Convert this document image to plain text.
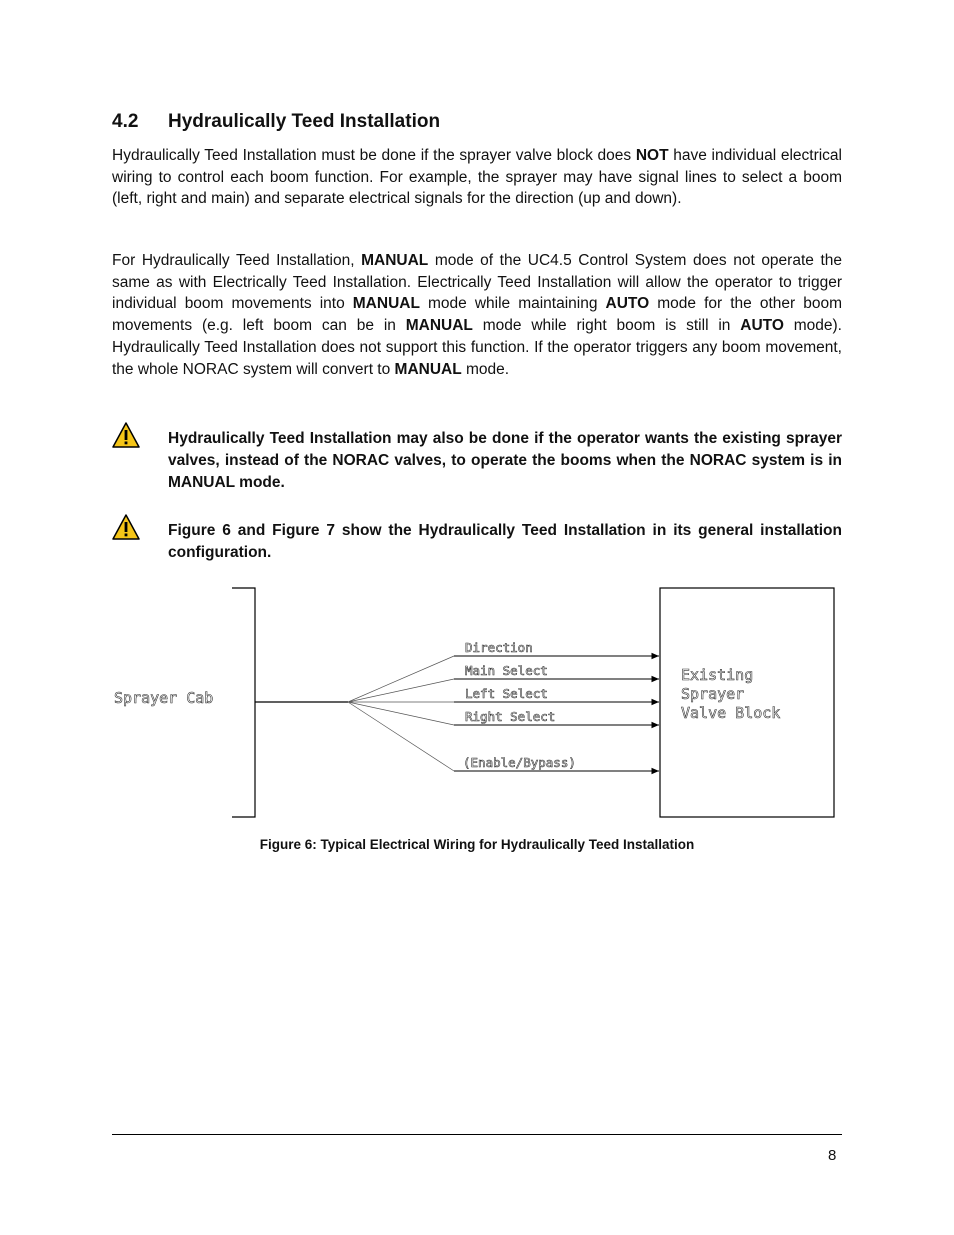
4.2 Hydraulically Teed Installation

Hydraulically Teed Installation must be done if the sprayer valve block does NOT have individual electrical wiring to control each boom function. For example, the sprayer may have signal lines to select a boom (left, right and main) and separate electrical signals for the direction (up and down).

For Hydraulically Teed Installation, MANUAL mode of the UC4.5 Control System does not operate the same as with Electrically Teed Installation. Electrically Teed Installation will allow the operator to trigger individual boom movements into MANUAL mode while maintaining AUTO mode for the other boom movements (e.g. left boom can be in MANUAL mode while right boom is still in AUTO mode). Hydraulically Teed Installation does not support this function. If the operator triggers any boom movement, the whole NORAC system will convert to MANUAL mode.

Hydraulically Teed Installation may also be done if the operator wants the existing sprayer valves, instead of the NORAC valves, to operate the booms when the NORAC system is in MANUAL mode.

Figure 6 and Figure 7 show the Hydraulically Teed Installation in its general installation configuration.

Sprayer Cab
Direction
Main Select
Left Select
Right Select
(Enable/Bypass)
Existing
Sprayer
Valve Block
Figure 6: Typical Electrical Wiring for Hydraulically Teed Installation
8
